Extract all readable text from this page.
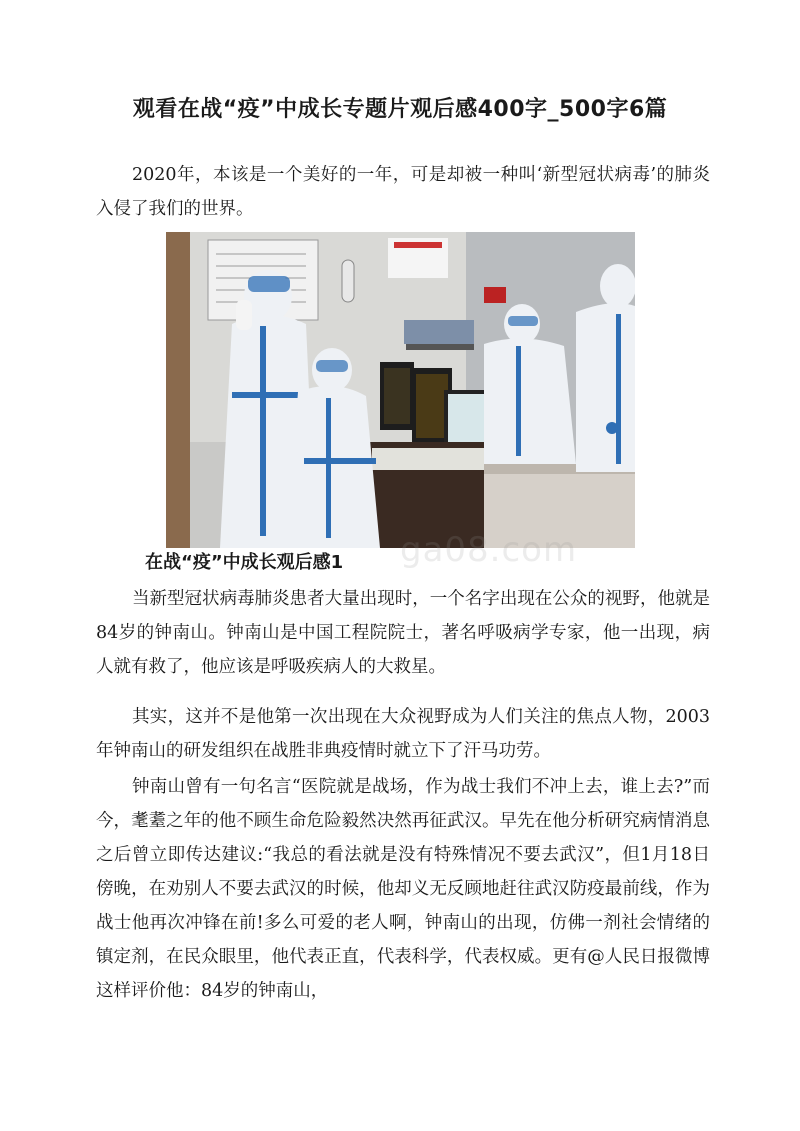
观看在战“疫”中成长专题片观后感400字_500字6篇

2020年，本该是一个美好的一年，可是却被一种叫‘新型冠状病毒’的肺炎入侵了我们的世界。

ga08.com
在战“疫”中成长观后感1

当新型冠状病毒肺炎患者大量出现时，一个名字出现在公众的视野，他就是84岁的钟南山。钟南山是中国工程院院士，著名呼吸病学专家，他一出现，病人就有救了，他应该是呼吸疾病人的大救星。

其实，这并不是他第一次出现在大众视野成为人们关注的焦点人物，2003年钟南山的研发组织在战胜非典疫情时就立下了汗马功劳。

钟南山曾有一句名言“医院就是战场，作为战士我们不冲上去，谁上去?”而今，耄耋之年的他不顾生命危险毅然决然再征武汉。早先在他分析研究病情消息之后曾立即传达建议:“我总的看法就是没有特殊情况不要去武汉”，但1月18日傍晚，在劝别人不要去武汉的时候，他却义无反顾地赶往武汉防疫最前线，作为战士他再次冲锋在前!多么可爱的老人啊，钟南山的出现，仿佛一剂社会情绪的镇定剂，在民众眼里，他代表正直，代表科学，代表权威。更有@人民日报微博这样评价他：84岁的钟南山，
